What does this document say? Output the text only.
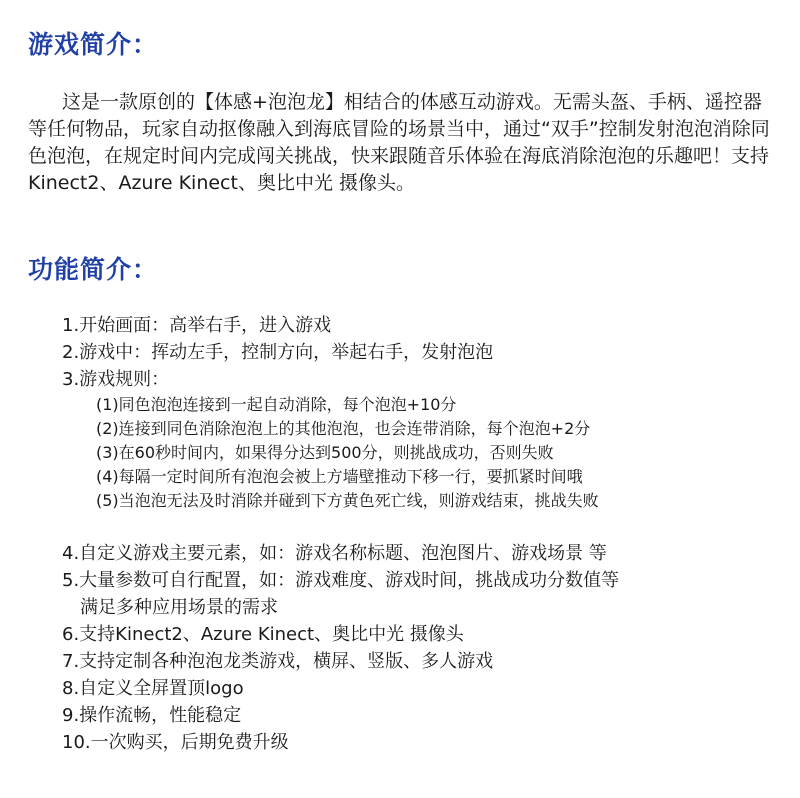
游戏简介：

这是一款原创的【体感+泡泡龙】相结合的体感互动游戏。无需头盔、手柄、遥控器 等任何物品，玩家自动抠像融入到海底冒险的场景当中，通过“双手”控制发射泡泡消除同色泡泡，在规定时间内完成闯关挑战，快来跟随音乐体验在海底消除泡泡的乐趣吧！支持Kinect2、Azure Kinect、奥比中光 摄像头。

功能简介：
1.开始画面：高举右手，进入游戏
2.游戏中：挥动左手，控制方向，举起右手，发射泡泡
3.游戏规则：
(1)同色泡泡连接到一起自动消除，每个泡泡+10分
(2)连接到同色消除泡泡上的其他泡泡，也会连带消除，每个泡泡+2分
(3)在60秒时间内，如果得分达到500分，则挑战成功，否则失败
(4)每隔一定时间所有泡泡会被上方墙壁推动下移一行，要抓紧时间哦
(5)当泡泡无法及时消除并碰到下方黄色死亡线，则游戏结束，挑战失败
4.自定义游戏主要元素，如：游戏名称标题、泡泡图片、游戏场景 等
5.大量参数可自行配置，如：游戏难度、游戏时间，挑战成功分数值等
满足多种应用场景的需求
6.支持Kinect2、Azure Kinect、奥比中光 摄像头
7.支持定制各种泡泡龙类游戏，横屏、竖版、多人游戏
8.自定义全屏置顶logo
9.操作流畅，性能稳定
10.一次购买，后期免费升级
